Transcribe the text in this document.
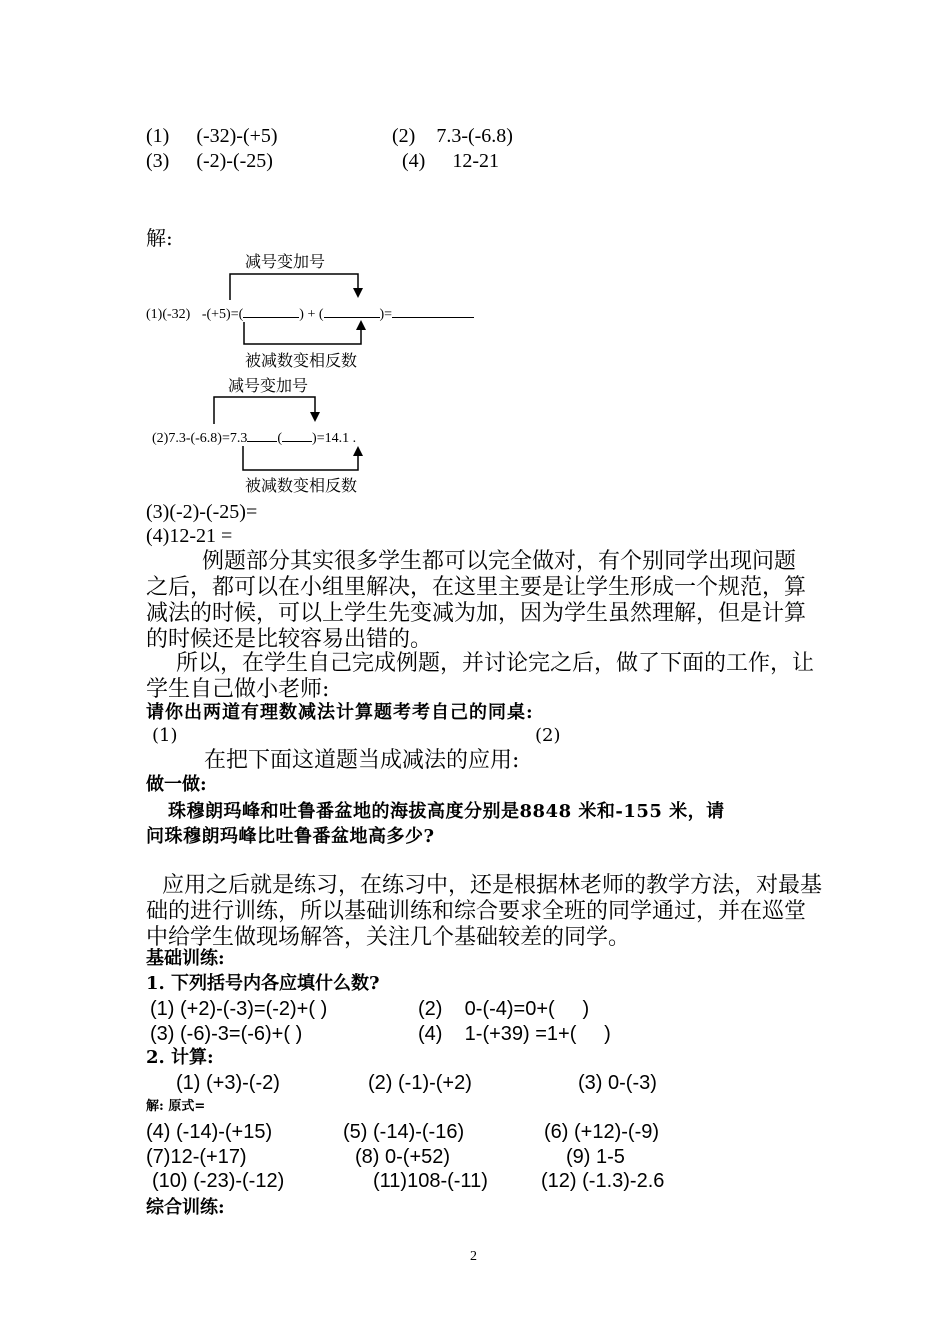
(1) (-32)-(+5)	(2) 7.3-(-6.8)
(3) (-2)-(-25)	(4) 12-21
解:
减号变加号
(1)(-32) -(+5)=(	) + (	)=
被减数变相反数
减号变加号
(2)7.3-(-6.8)=7.3 ( )=14.1 .
被减数变相反数
(3)(-2)-(-25)=
(4)12-21 =
例题部分其实很多学生都可以完全做对，有个别同学出现问题
之后，都可以在小组里解决，在这里主要是让学生形成一个规范，算
减法的时候，可以上学生先变减为加，因为学生虽然理解，但是计算
的时候还是比较容易出错的。
所以，在学生自己完成例题，并讨论完之后，做了下面的工作，让
学生自己做小老师:
请你出两道有理数减法计算题考考自己的同桌:
(1)	(2)
在把下面这道题当成减法的应用:
做一做:
珠穆朗玛峰和吐鲁番盆地的海拔高度分别是8848 米和-155 米，请
问珠穆朗玛峰比吐鲁番盆地高多少?
应用之后就是练习，在练习中，还是根据林老师的教学方法，对最基
础的进行训练，所以基础训练和综合要求全班的同学通过，并在巡堂
中给学生做现场解答，关注几个基础较差的同学。
基础训练:
1. 下列括号内各应填什么数?
(1) (+2)-(-3)=(-2)+( )	(2)    0-(-4)=0+(     )
(3) (-6)-3=(-6)+( )	(4)    1-(+39) =1+(     )
2. 计算:
(1) (+3)-(-2)	(2) (-1)-(+2)	(3) 0-(-3)
解: 原式=
(4) (-14)-(+15)	(5) (-14)-(-16)	(6) (+12)-(-9)
(7)12-(+17)	(8) 0-(+52)	(9) 1-5
(10) (-23)-(-12)	(11)108-(-11)	(12) (-1.3)-2.6
综合训练:
2
